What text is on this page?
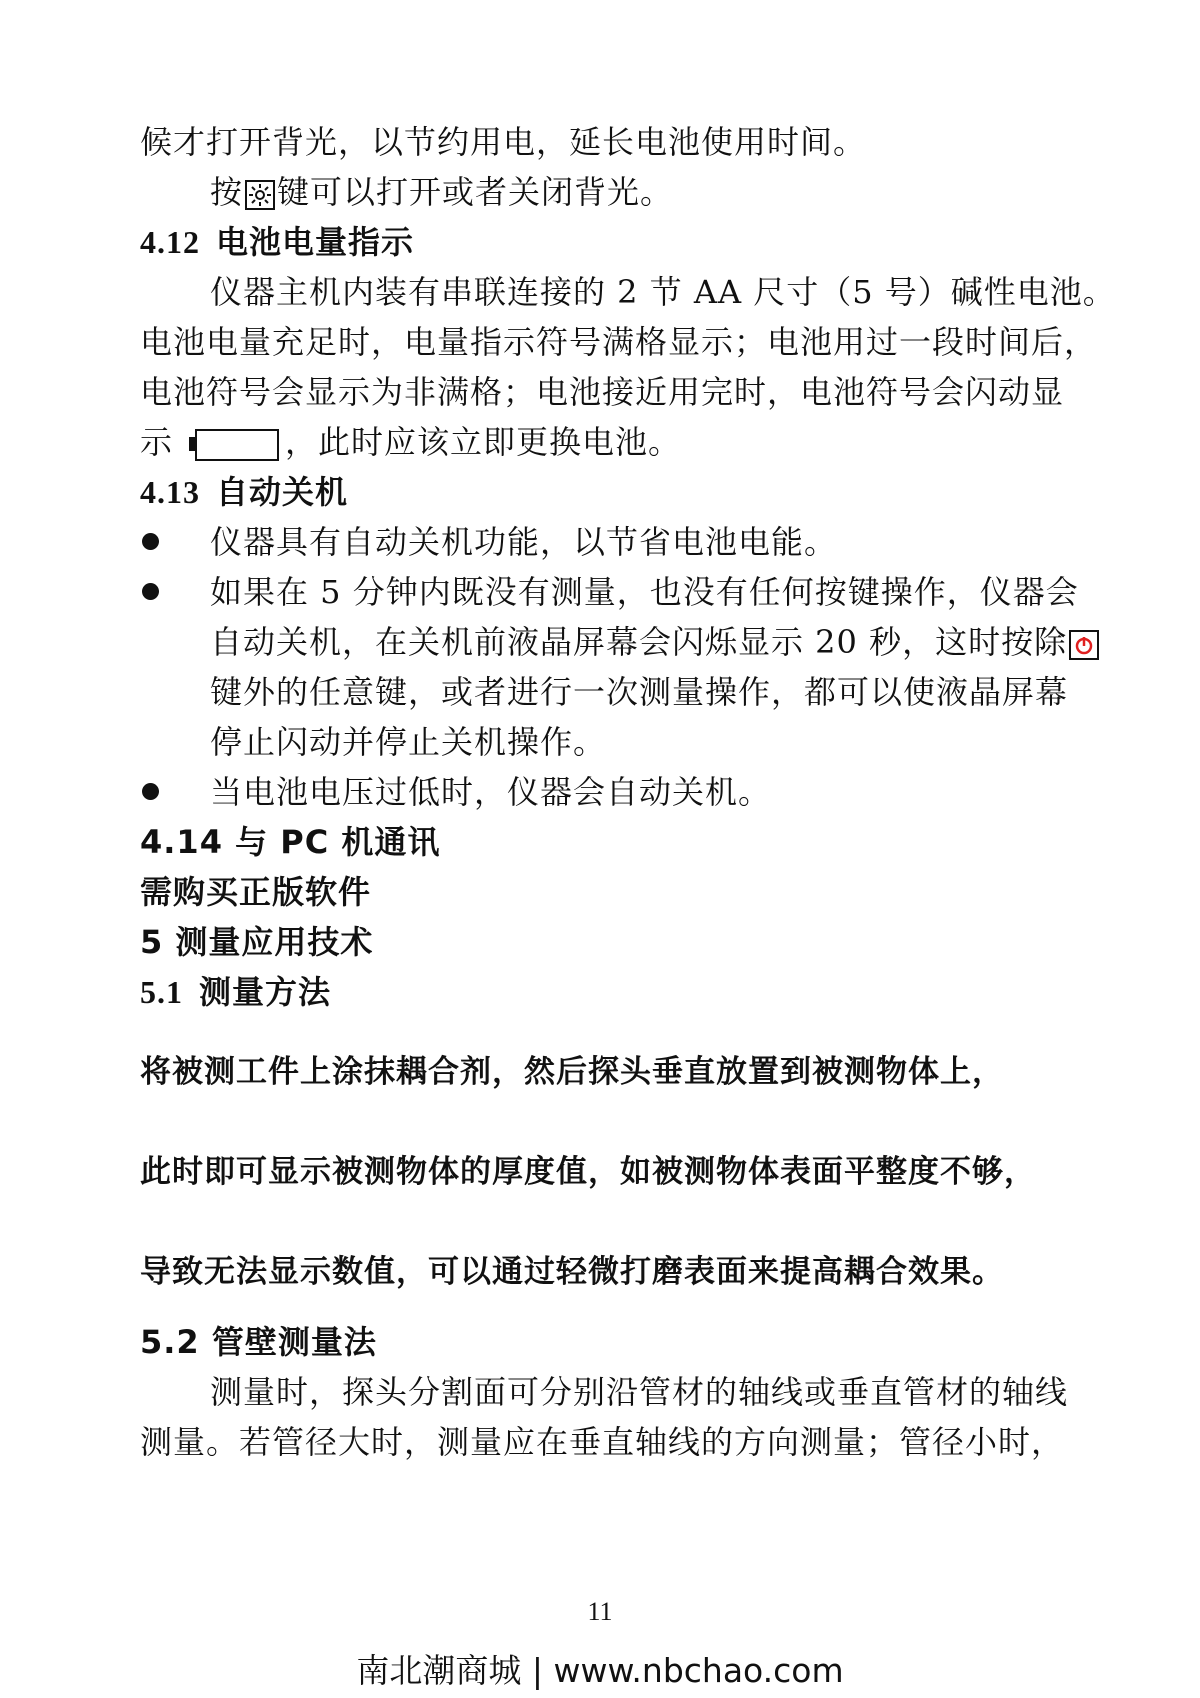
候才打开背光，以节约用电，延长电池使用时间。
按 键可以打开或者关闭背光。
4.12 电池电量指示
仪器主机内装有串联连接的 2 节 AA 尺寸（5 号）碱性电池。
电池电量充足时，电量指示符号满格显示；电池用过一段时间后，
电池符号会显示为非满格；电池接近用完时，电池符号会闪动显
示	，此时应该立即更换电池。
4.13 自动关机
仪器具有自动关机功能，以节省电池电能。
如果在 5 分钟内既没有测量，也没有任何按键操作，仪器会
自动关机，在关机前液晶屏幕会闪烁显示 20 秒，这时按除
键外的任意键，或者进行一次测量操作，都可以使液晶屏幕
停止闪动并停止关机操作。
当电池电压过低时，仪器会自动关机。
4.14 与 PC 机通讯
需购买正版软件
5 测量应用技术
5.1 测量方法
将被测工件上涂抹耦合剂，然后探头垂直放置到被测物体上，
此时即可显示被测物体的厚度值，如被测物体表面平整度不够，
导致无法显示数值，可以通过轻微打磨表面来提高耦合效果。
5.2 管壁测量法
测量时，探头分割面可分别沿管材的轴线或垂直管材的轴线
测量。若管径大时，测量应在垂直轴线的方向测量；管径小时，
11
南北潮商城 | www.nbchao.com
